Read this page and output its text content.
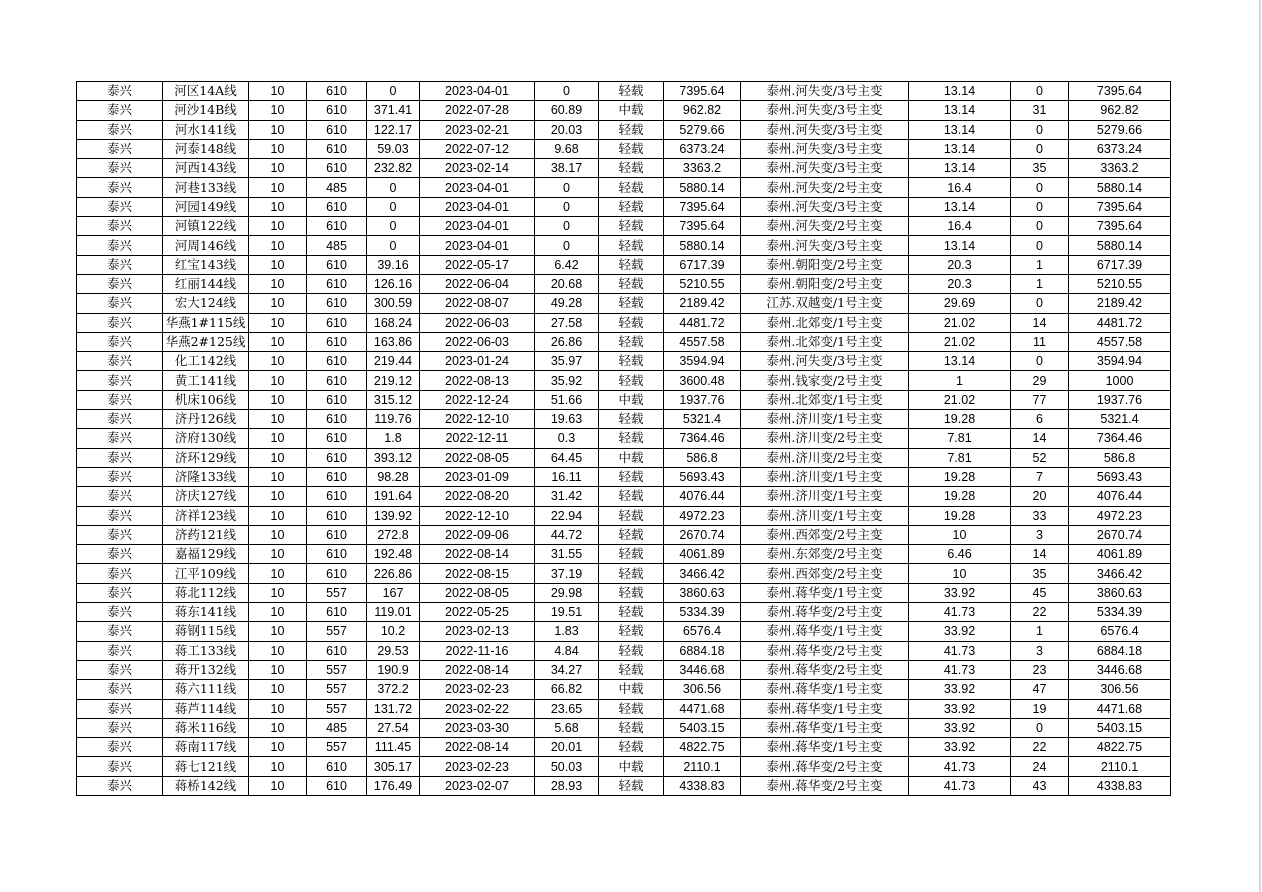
泰兴	河区14A线	10	610	0	2023-04-01	0	轻载	7395.64	泰州.河失变/3号主变	13.14	0	7395.64
泰兴	河沙14B线	10	610	371.41	2022-07-28	60.89	中载	962.82	泰州.河失变/3号主变	13.14	31	962.82
泰兴	河水141线	10	610	122.17	2023-02-21	20.03	轻载	5279.66	泰州.河失变/3号主变	13.14	0	5279.66
泰兴	河泰148线	10	610	59.03	2022-07-12	9.68	轻载	6373.24	泰州.河失变/3号主变	13.14	0	6373.24
泰兴	河西143线	10	610	232.82	2023-02-14	38.17	轻载	3363.2	泰州.河失变/3号主变	13.14	35	3363.2
泰兴	河巷133线	10	485	0	2023-04-01	0	轻载	5880.14	泰州.河失变/2号主变	16.4	0	5880.14
泰兴	河园149线	10	610	0	2023-04-01	0	轻载	7395.64	泰州.河失变/3号主变	13.14	0	7395.64
泰兴	河镇122线	10	610	0	2023-04-01	0	轻载	7395.64	泰州.河失变/2号主变	16.4	0	7395.64
泰兴	河周146线	10	485	0	2023-04-01	0	轻载	5880.14	泰州.河失变/3号主变	13.14	0	5880.14
泰兴	红宝143线	10	610	39.16	2022-05-17	6.42	轻载	6717.39	泰州.朝阳变/2号主变	20.3	1	6717.39
泰兴	红丽144线	10	610	126.16	2022-06-04	20.68	轻载	5210.55	泰州.朝阳变/2号主变	20.3	1	5210.55
泰兴	宏大124线	10	610	300.59	2022-08-07	49.28	轻载	2189.42	江苏.双越变/1号主变	29.69	0	2189.42
泰兴	华燕1#115线	10	610	168.24	2022-06-03	27.58	轻载	4481.72	泰州.北郊变/1号主变	21.02	14	4481.72
泰兴	华燕2#125线	10	610	163.86	2022-06-03	26.86	轻载	4557.58	泰州.北郊变/1号主变	21.02	11	4557.58
泰兴	化工142线	10	610	219.44	2023-01-24	35.97	轻载	3594.94	泰州.河失变/3号主变	13.14	0	3594.94
泰兴	黄工141线	10	610	219.12	2022-08-13	35.92	轻载	3600.48	泰州.钱家变/2号主变	1	29	1000
泰兴	机床106线	10	610	315.12	2022-12-24	51.66	中载	1937.76	泰州.北郊变/1号主变	21.02	77	1937.76
泰兴	济丹126线	10	610	119.76	2022-12-10	19.63	轻载	5321.4	泰州.济川变/1号主变	19.28	6	5321.4
泰兴	济府130线	10	610	1.8	2022-12-11	0.3	轻载	7364.46	泰州.济川变/2号主变	7.81	14	7364.46
泰兴	济环129线	10	610	393.12	2022-08-05	64.45	中载	586.8	泰州.济川变/2号主变	7.81	52	586.8
泰兴	济隆133线	10	610	98.28	2023-01-09	16.11	轻载	5693.43	泰州.济川变/1号主变	19.28	7	5693.43
泰兴	济庆127线	10	610	191.64	2022-08-20	31.42	轻载	4076.44	泰州.济川变/1号主变	19.28	20	4076.44
泰兴	济祥123线	10	610	139.92	2022-12-10	22.94	轻载	4972.23	泰州.济川变/1号主变	19.28	33	4972.23
泰兴	济药121线	10	610	272.8	2022-09-06	44.72	轻载	2670.74	泰州.西郊变/2号主变	10	3	2670.74
泰兴	嘉福129线	10	610	192.48	2022-08-14	31.55	轻载	4061.89	泰州.东郊变/2号主变	6.46	14	4061.89
泰兴	江平109线	10	610	226.86	2022-08-15	37.19	轻载	3466.42	泰州.西郊变/2号主变	10	35	3466.42
泰兴	蒋北112线	10	557	167	2022-08-05	29.98	轻载	3860.63	泰州.蒋华变/1号主变	33.92	45	3860.63
泰兴	蒋东141线	10	610	119.01	2022-05-25	19.51	轻载	5334.39	泰州.蒋华变/2号主变	41.73	22	5334.39
泰兴	蒋钢115线	10	557	10.2	2023-02-13	1.83	轻载	6576.4	泰州.蒋华变/1号主变	33.92	1	6576.4
泰兴	蒋工133线	10	610	29.53	2022-11-16	4.84	轻载	6884.18	泰州.蒋华变/2号主变	41.73	3	6884.18
泰兴	蒋开132线	10	557	190.9	2022-08-14	34.27	轻载	3446.68	泰州.蒋华变/2号主变	41.73	23	3446.68
泰兴	蒋六111线	10	557	372.2	2023-02-23	66.82	中载	306.56	泰州.蒋华变/1号主变	33.92	47	306.56
泰兴	蒋芦114线	10	557	131.72	2023-02-22	23.65	轻载	4471.68	泰州.蒋华变/1号主变	33.92	19	4471.68
泰兴	蒋米116线	10	485	27.54	2023-03-30	5.68	轻载	5403.15	泰州.蒋华变/1号主变	33.92	0	5403.15
泰兴	蒋南117线	10	557	111.45	2022-08-14	20.01	轻载	4822.75	泰州.蒋华变/1号主变	33.92	22	4822.75
泰兴	蒋七121线	10	610	305.17	2023-02-23	50.03	中载	2110.1	泰州.蒋华变/2号主变	41.73	24	2110.1
泰兴	蒋桥142线	10	610	176.49	2023-02-07	28.93	轻载	4338.83	泰州.蒋华变/2号主变	41.73	43	4338.83
